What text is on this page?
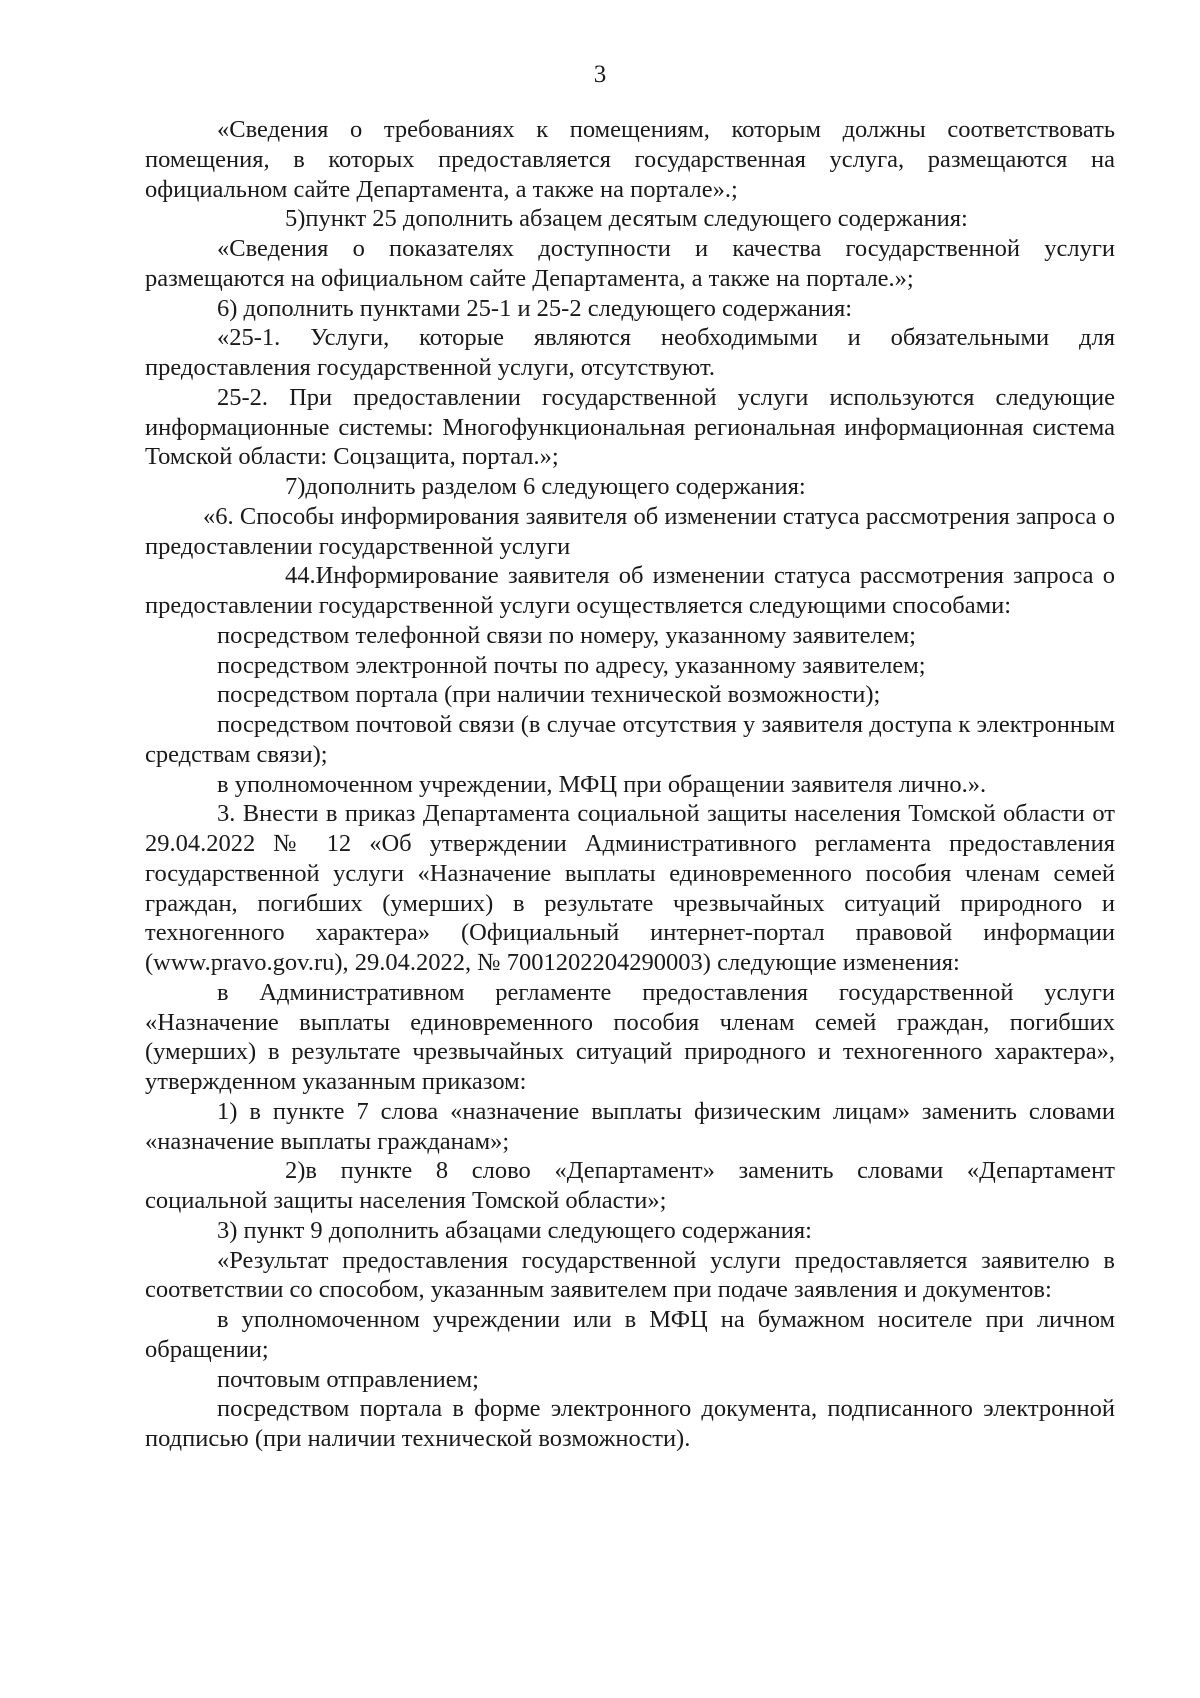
3

«Сведения о требованиях к помещениям, которым должны соответствовать помещения, в которых предоставляется государственная услуга, размещаются на официальном сайте Департамента, а также на портале».;

5)пункт 25 дополнить абзацем десятым следующего содержания:

«Сведения о показателях доступности и качества государственной услуги размещаются на официальном сайте Департамента, а также на портале.»;

6) дополнить пунктами 25-1 и 25-2 следующего содержания:

«25-1. Услуги, которые являются необходимыми и обязательными для предоставления государственной услуги, отсутствуют.

25-2. При предоставлении государственной услуги используются следующие информационные системы: Многофункциональная региональная информационная система Томской области: Соцзащита, портал.»;

7)дополнить разделом 6 следующего содержания:

«6. Способы информирования заявителя об изменении статуса рассмотрения запроса о предоставлении государственной услуги

44.Информирование заявителя об изменении статуса рассмотрения запроса о предоставлении государственной услуги осуществляется следующими способами:

посредством телефонной связи по номеру, указанному заявителем;

посредством электронной почты по адресу, указанному заявителем;

посредством портала (при наличии технической возможности);

посредством почтовой связи (в случае отсутствия у заявителя доступа к электронным средствам связи);

в уполномоченном учреждении, МФЦ при обращении заявителя лично.».

3. Внести в приказ Департамента социальной защиты населения Томской области от 29.04.2022 № 12 «Об утверждении Административного регламента предоставления государственной услуги «Назначение выплаты единовременного пособия членам семей граждан, погибших (умерших) в результате чрезвычайных ситуаций природного и техногенного характера» (Официальный интернет-портал правовой информации (www.pravo.gov.ru), 29.04.2022, № 7001202204290003) следующие изменения:

в Административном регламенте предоставления государственной услуги «Назначение выплаты единовременного пособия членам семей граждан, погибших (умерших) в результате чрезвычайных ситуаций природного и техногенного характера», утвержденном указанным приказом:

1) в пункте 7 слова «назначение выплаты физическим лицам» заменить словами «назначение выплаты гражданам»;

2)в пункте 8 слово «Департамент» заменить словами «Департамент социальной защиты населения Томской области»;

3) пункт 9 дополнить абзацами следующего содержания:

«Результат предоставления государственной услуги предоставляется заявителю в соответствии со способом, указанным заявителем при подаче заявления и документов:

в уполномоченном учреждении или в МФЦ на бумажном носителе при личном обращении;

почтовым отправлением;

посредством портала в форме электронного документа, подписанного электронной подписью (при наличии технической возможности).
